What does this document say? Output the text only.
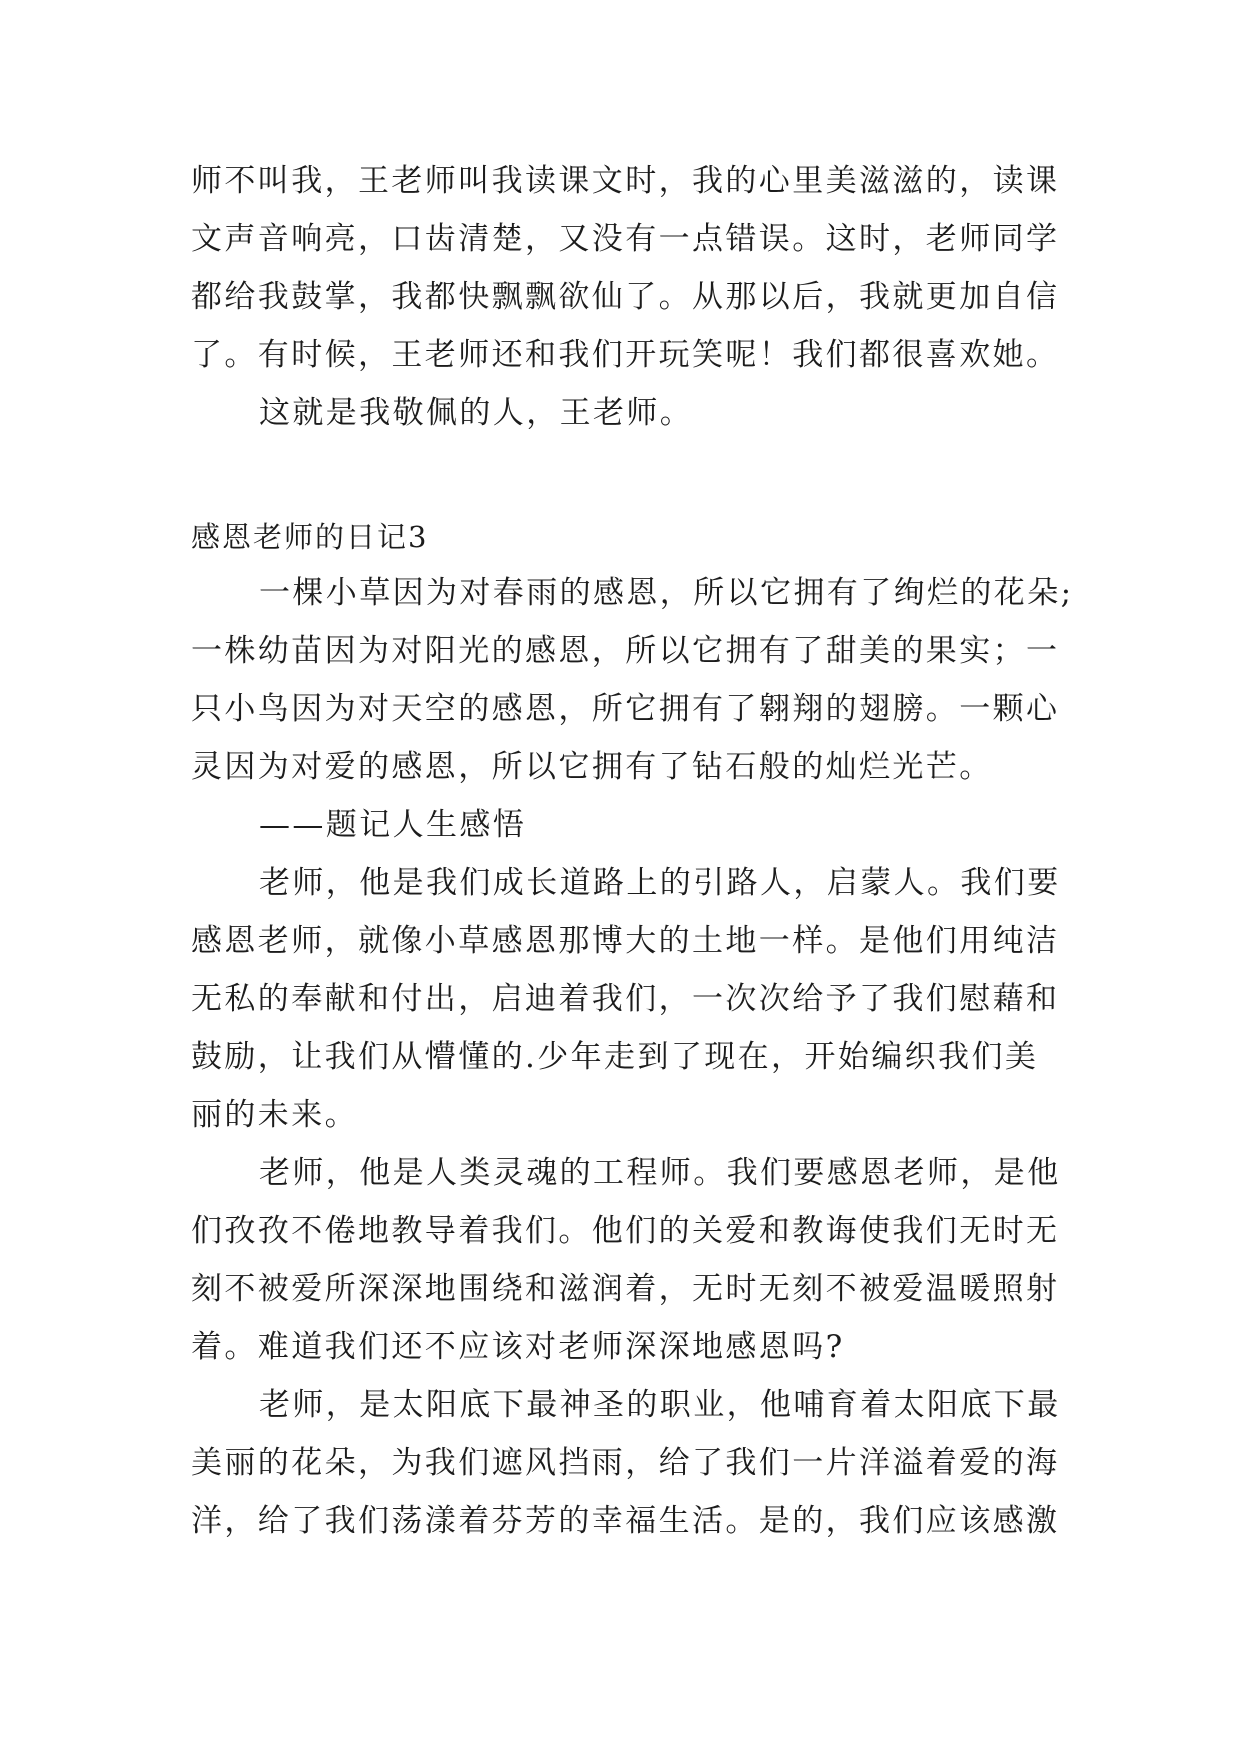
师不叫我，王老师叫我读课文时，我的心里美滋滋的，读课
文声音响亮，口齿清楚，又没有一点错误。这时，老师同学
都给我鼓掌，我都快飘飘欲仙了。从那以后，我就更加自信
了。有时候，王老师还和我们开玩笑呢！我们都很喜欢她。
这就是我敬佩的人，王老师。

感恩老师的日记3

一棵小草因为对春雨的感恩，所以它拥有了绚烂的花朵;
一株幼苗因为对阳光的感恩，所以它拥有了甜美的果实；一
只小鸟因为对天空的感恩，所它拥有了翱翔的翅膀。一颗心
灵因为对爱的感恩，所以它拥有了钻石般的灿烂光芒。
——题记人生感悟
老师，他是我们成长道路上的引路人，启蒙人。我们要
感恩老师，就像小草感恩那博大的土地一样。是他们用纯洁
无私的奉献和付出，启迪着我们，一次次给予了我们慰藉和
鼓励，让我们从懵懂的.少年走到了现在，开始编织我们美
丽的未来。
老师，他是人类灵魂的工程师。我们要感恩老师，是他
们孜孜不倦地教导着我们。他们的关爱和教诲使我们无时无
刻不被爱所深深地围绕和滋润着，无时无刻不被爱温暖照射
着。难道我们还不应该对老师深深地感恩吗?
老师，是太阳底下最神圣的职业，他哺育着太阳底下最
美丽的花朵，为我们遮风挡雨，给了我们一片洋溢着爱的海
洋，给了我们荡漾着芬芳的幸福生活。是的，我们应该感激
